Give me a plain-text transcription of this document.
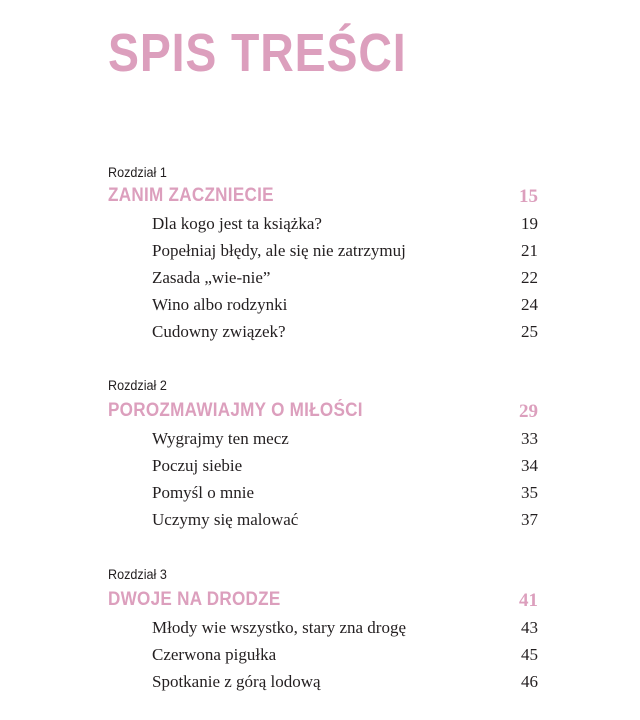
SPIS TREŚCI
Rozdział 1
ZANIM ZACZNIECIE	15
Dla kogo jest ta książka?	19
Popełniaj błędy, ale się nie zatrzymuj	21
Zasada „wie-nie”	22
Wino albo rodzynki	24
Cudowny związek?	25
Rozdział 2
POROZMAWIAJMY O MIŁOŚCI	29
Wygrajmy ten mecz	33
Poczuj siebie	34
Pomyśl o mnie	35
Uczymy się malować	37
Rozdział 3
DWOJE NA DRODZE	41
Młody wie wszystko, stary zna drogę	43
Czerwona pigułka	45
Spotkanie z górą lodową	46
